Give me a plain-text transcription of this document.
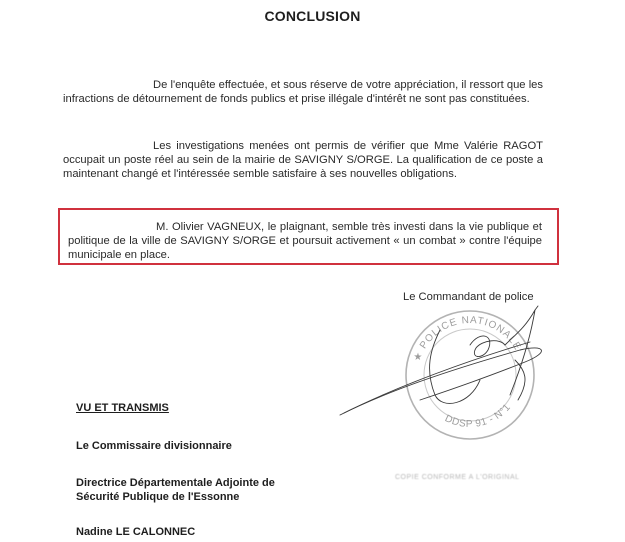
CONCLUSION
De l'enquête effectuée, et sous réserve de votre appréciation, il ressort que les infractions de détournement de fonds publics et prise illégale d'intérêt ne sont pas constituées.
Les investigations menées ont permis de vérifier que Mme Valérie RAGOT occupait un poste réel au sein de la mairie de SAVIGNY S/ORGE. La qualification de ce poste a maintenant changé et l'intéressée semble satisfaire à ses nouvelles obligations.
M. Olivier VAGNEUX, le plaignant, semble très investi dans la vie publique et politique de la ville de SAVIGNY S/ORGE et poursuit activement « un combat » contre l'équipe municipale en place.
Le Commandant de police
★ POLICE NATIONALE
DDSP 91 - N°1
VU ET TRANSMIS
Le Commissaire divisionnaire
Directrice Départementale Adjointe de
Sécurité Publique de l'Essonne
Nadine LE CALONNEC
COPIE CONFORME A L'ORIGINAL
